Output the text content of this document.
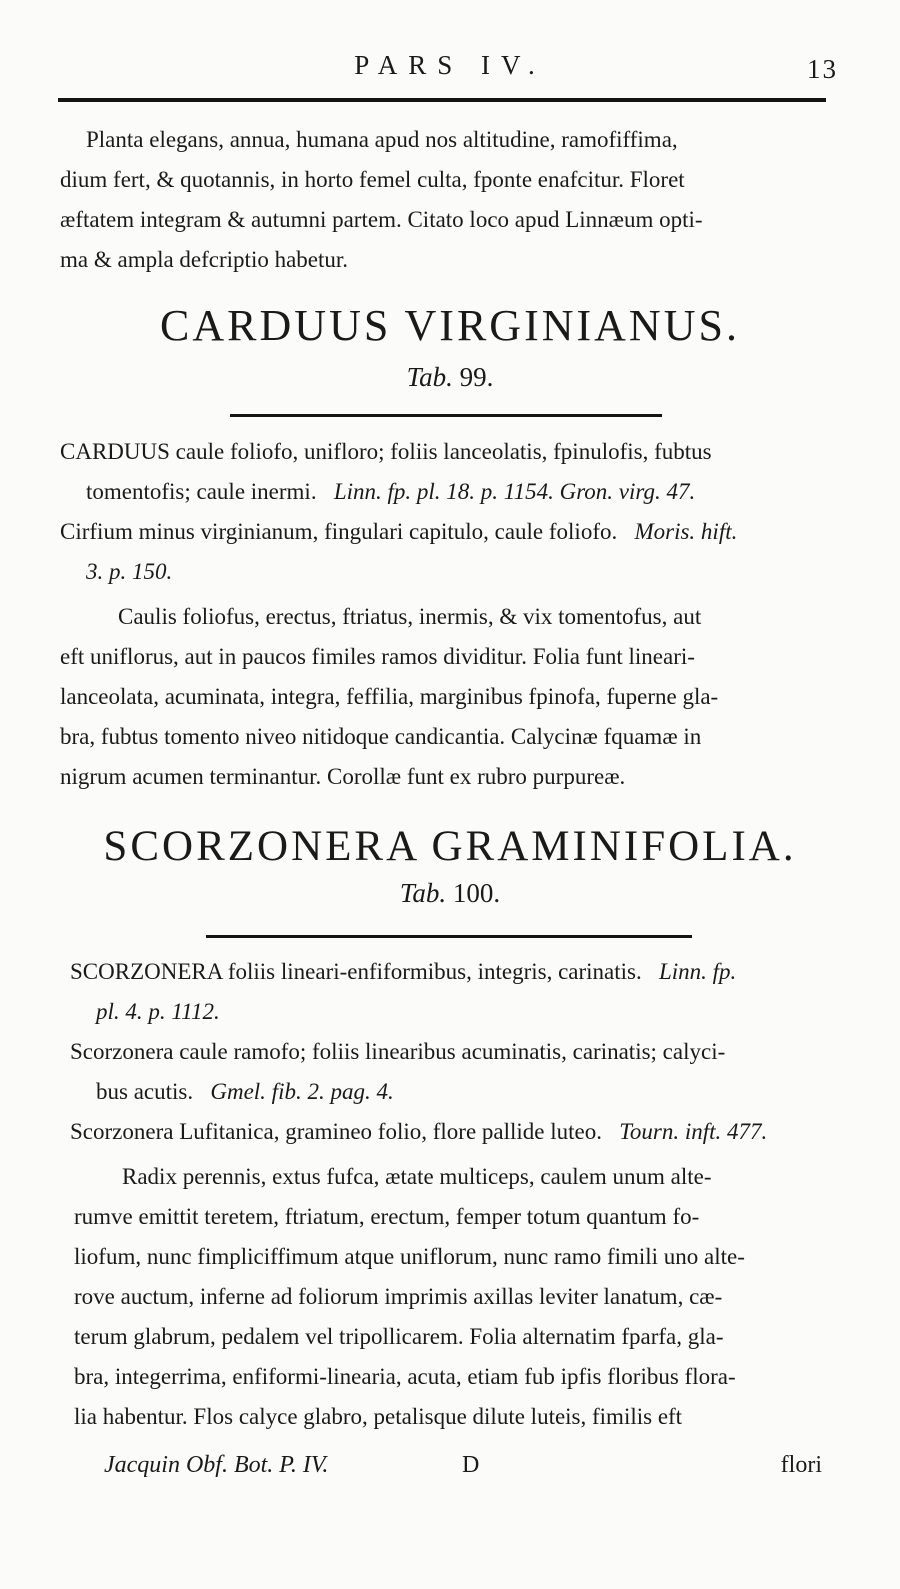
PARS IV.	13

Planta elegans, annua, humana apud nos altitudine, ramofiffima,

dium fert, & quotannis, in horto femel culta, fponte enafcitur. Floret

æftatem integram & autumni partem. Citato loco apud Linnæum opti-

ma & ampla defcriptio habetur.

CARDUUS VIRGINIANUS.
Tab. 99.

CARDUUS caule foliofo, unifloro; foliis lanceolatis, fpinulofis, fubtus

tomentofis; caule inermi. Linn. fp. pl. 18. p. 1154. Gron. virg. 47.

Cirfium minus virginianum, fingulari capitulo, caule foliofo. Moris. hift.

3. p. 150.

Caulis foliofus, erectus, ftriatus, inermis, & vix tomentofus, aut

eft uniflorus, aut in paucos fimiles ramos dividitur. Folia funt lineari-

lanceolata, acuminata, integra, feffilia, marginibus fpinofa, fuperne gla-

bra, fubtus tomento niveo nitidoque candicantia. Calycinæ fquamæ in

nigrum acumen terminantur. Corollæ funt ex rubro purpureæ.

SCORZONERA GRAMINIFOLIA.
Tab. 100.

SCORZONERA foliis lineari-enfiformibus, integris, carinatis. Linn. fp.

pl. 4. p. 1112.

Scorzonera caule ramofo; foliis linearibus acuminatis, carinatis; calyci-

bus acutis. Gmel. fib. 2. pag. 4.

Scorzonera Lufitanica, gramineo folio, flore pallide luteo. Tourn. inft. 477.

Radix perennis, extus fufca, ætate multiceps, caulem unum alte-

rumve emittit teretem, ftriatum, erectum, femper totum quantum fo-

liofum, nunc fimpliciffimum atque uniflorum, nunc ramo fimili uno alte-

rove auctum, inferne ad foliorum imprimis axillas leviter lanatum, cæ-

terum glabrum, pedalem vel tripollicarem. Folia alternatim fparfa, gla-

bra, integerrima, enfiformi-linearia, acuta, etiam fub ipfis floribus flora-

lia habentur. Flos calyce glabro, petalisque dilute luteis, fimilis eft

Jacquin Obf. Bot. P. IV.	D	flori
